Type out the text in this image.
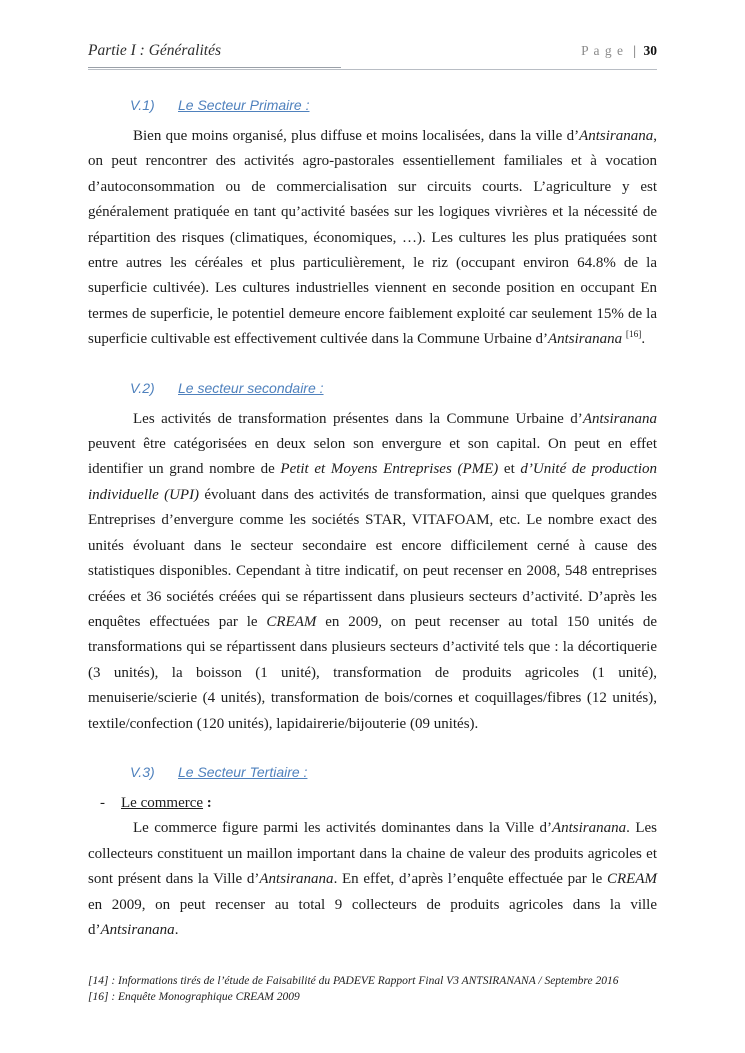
Partie I : Généralités	P a g e | 30
V.1) Le Secteur Primaire :

Bien que moins organisé, plus diffuse et moins localisées, dans la ville d’Antsiranana, on peut rencontrer des activités agro-pastorales essentiellement familiales et à vocation d’autoconsommation ou de commercialisation sur circuits courts. L’agriculture y est généralement pratiquée en tant qu’activité basées sur les logiques vivrières et la nécessité de répartition des risques (climatiques, économiques, …). Les cultures les plus pratiquées sont entre autres les céréales et plus particulièrement, le riz (occupant environ 64.8% de la superficie cultivée). Les cultures industrielles viennent en seconde position en occupant En termes de superficie, le potentiel demeure encore faiblement exploité car seulement 15% de la superficie cultivable est effectivement cultivée dans la Commune Urbaine d’Antsiranana [16].

V.2) Le secteur secondaire :

Les activités de transformation présentes dans la Commune Urbaine d’Antsiranana peuvent être catégorisées en deux selon son envergure et son capital. On peut en effet identifier un grand nombre de Petit et Moyens Entreprises (PME) et d’Unité de production individuelle (UPI) évoluant dans des activités de transformation, ainsi que quelques grandes Entreprises d’envergure comme les sociétés STAR, VITAFOAM, etc. Le nombre exact des unités évoluant dans le secteur secondaire est encore difficilement cerné à cause des statistiques disponibles. Cependant à titre indicatif, on peut recenser en 2008, 548 entreprises créées et 36 sociétés créées qui se répartissent dans plusieurs secteurs d’activité. D’après les enquêtes effectuées par le CREAM en 2009, on peut recenser au total 150 unités de transformations qui se répartissent dans plusieurs secteurs d’activité tels que : la décortiquerie (3 unités), la boisson (1 unité), transformation de produits agricoles (1 unité), menuiserie/scierie (4 unités), transformation de bois/cornes et coquillages/fibres (12 unités), textile/confection (120 unités), lapidairerie/bijouterie (09 unités).

V.3) Le Secteur Tertiaire :
- Le commerce :

Le commerce figure parmi les activités dominantes dans la Ville d’Antsiranana. Les collecteurs constituent un maillon important dans la chaine de valeur des produits agricoles et sont présent dans la Ville d’Antsiranana. En effet, d’après l’enquête effectuée par le CREAM en 2009, on peut recenser au total 9 collecteurs de produits agricoles dans la ville d’Antsiranana.

[14] : Informations tirés de l’étude de Faisabilité du PADEVE Rapport Final V3 ANTSIRANANA / Septembre 2016
[16] : Enquête Monographique CREAM 2009
